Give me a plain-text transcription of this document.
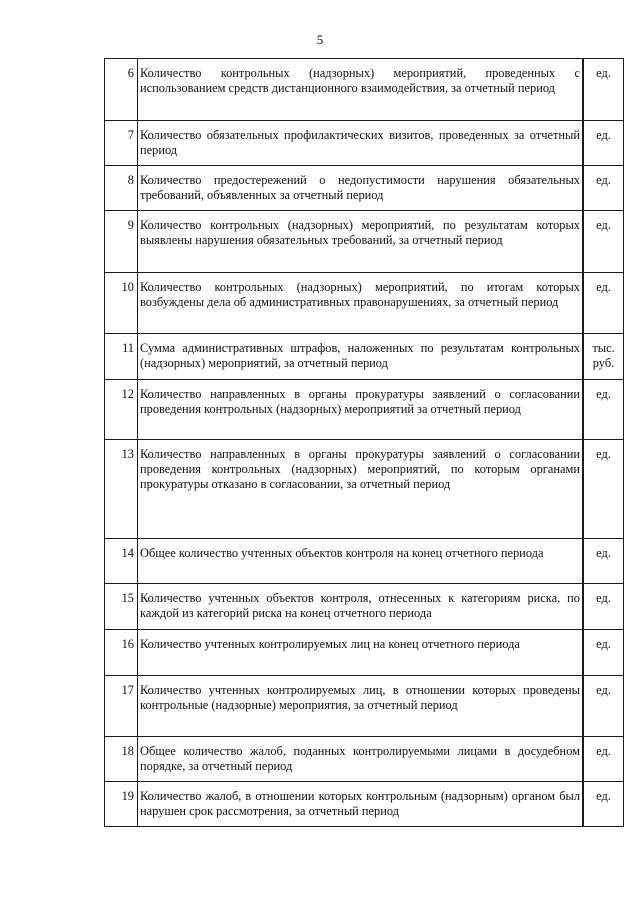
5
6	Количество контрольных (надзорных) мероприятий, проведенных с использованием средств дистанционного взаимодействия, за отчетный период	ед.
7	Количество обязательных профилактических визитов, проведенных за отчетный период	ед.
8	Количество предостережений о недопустимости нарушения обязательных требований, объявленных за отчетный период	ед.
9	Количество контрольных (надзорных) мероприятий, по результатам которых выявлены нарушения обязательных требований, за отчетный период	ед.
10	Количество контрольных (надзорных) мероприятий, по итогам которых возбуждены дела об административных правонарушениях, за отчетный период	ед.
11	Сумма административных штрафов, наложенных по результатам контрольных (надзорных) мероприятий, за отчетный период	тыс. руб.
12	Количество направленных в органы прокуратуры заявлений о согласовании проведения контрольных (надзорных) мероприятий за отчетный период	ед.
13	Количество направленных в органы прокуратуры заявлений о согласовании проведения контрольных (надзорных) мероприятий, по которым органами прокуратуры отказано в согласовании, за отчетный период	ед.
14	Общее количество учтенных объектов контроля на конец отчетного периода	ед.
15	Количество учтенных объектов контроля, отнесенных к категориям риска, по каждой из категорий риска на конец отчетного периода	ед.
16	Количество учтенных контролируемых лиц на конец отчетного периода	ед.
17	Количество учтенных контролируемых лиц, в отношении которых проведены контрольные (надзорные) мероприятия, за отчетный период	ед.
18	Общее количество жалоб, поданных контролируемыми лицами в досудебном порядке, за отчетный период	ед.
19	Количество жалоб, в отношении которых контрольным (надзорным) органом был нарушен срок рассмотрения, за отчетный период	ед.
